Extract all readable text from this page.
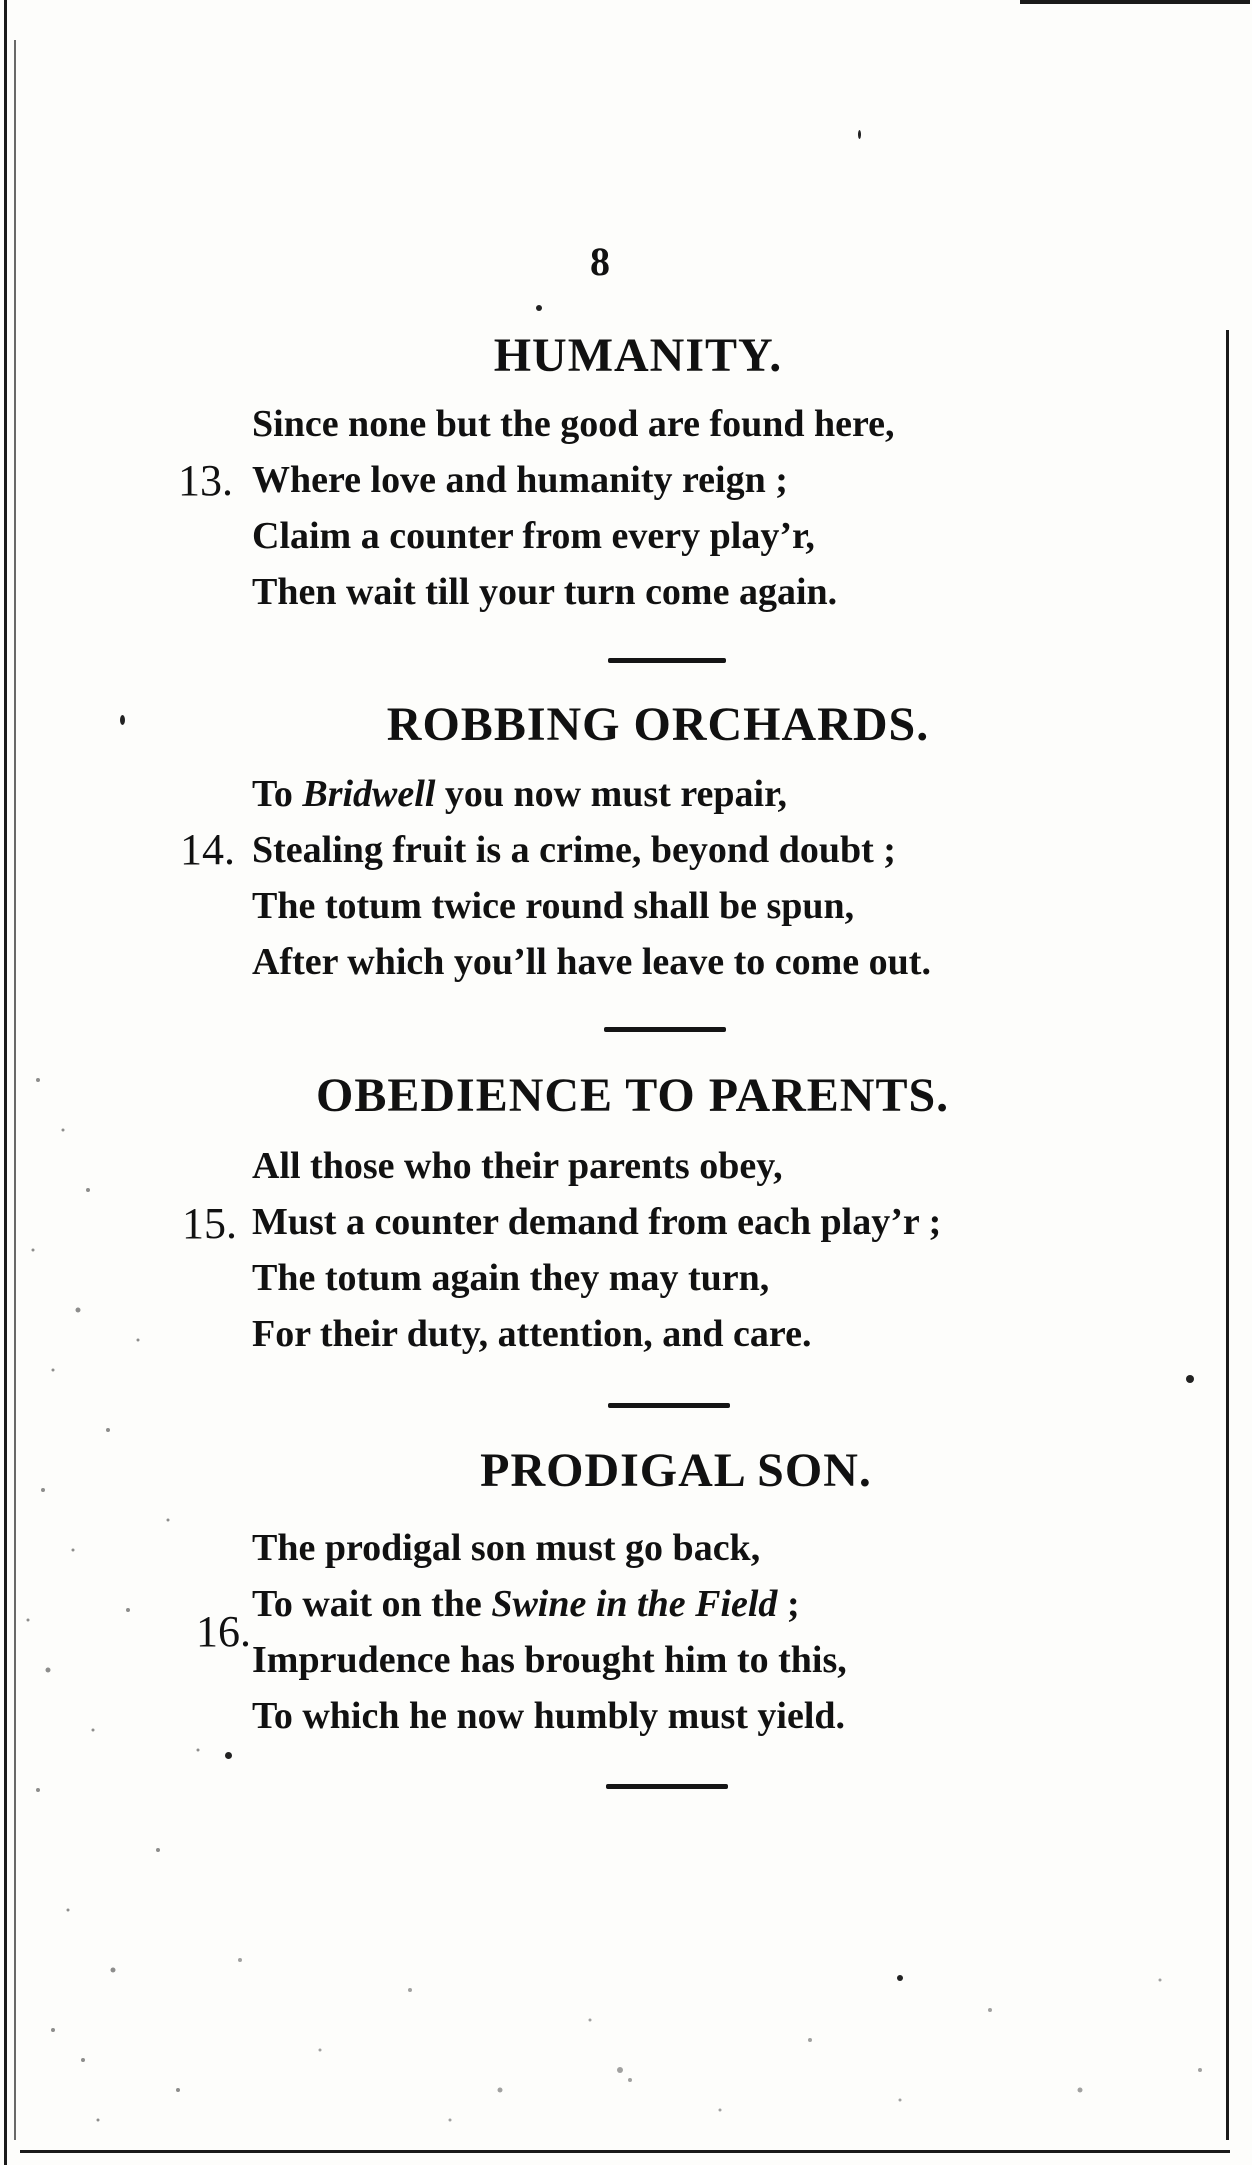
8
HUMANITY.
13.
Since none but the good are found here,
Where love and humanity reign ;
Claim a counter from every play’r,
Then wait till your turn come again.
ROBBING ORCHARDS.
14.
To Bridwell you now must repair,
Stealing fruit is a crime, beyond doubt ;
The totum twice round shall be spun,
After which you’ll have leave to come out.
OBEDIENCE TO PARENTS.
15.
All those who their parents obey,
Must a counter demand from each play’r ;
The totum again they may turn,
For their duty, attention, and care.
PRODIGAL SON.
16.
The prodigal son must go back,
To wait on the Swine in the Field ;
Imprudence has brought him to this,
To which he now humbly must yield.
